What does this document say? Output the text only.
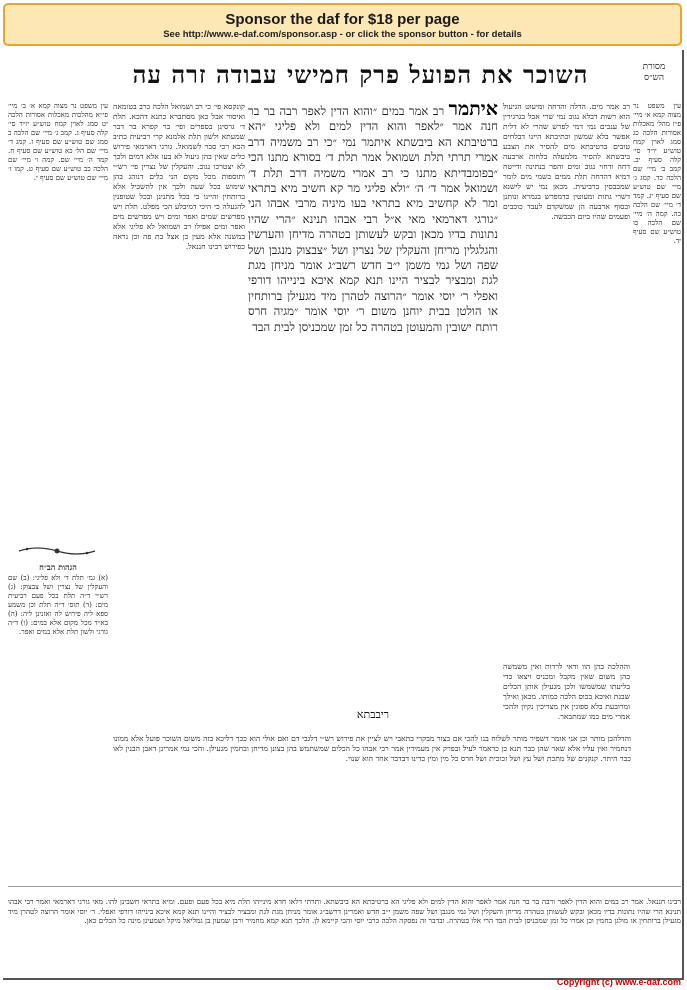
Sponsor the daf for $18 per page
See http://www.e-daf.com/sponsor.asp - or click the sponsor button - for details
השוכר את הפועל פרק חמישי עבודה זרה עה	מסורת הש״ס

עין משפט נר מצוה קמא א׳ מיי׳ פ״ז מהל׳ מאכלות אסורות הלכה כג סמג לאוין קמח טוש״ע יו״ד סי׳ קלה סעיף יב. קמב ב׳ מיי׳ שם הלכה כד. קמג ג׳ מיי׳ שם טוש״ע שם סעיף יג. קמד ד׳ מיי׳ שם הלכה כה. קמה ה׳ מיי׳ שם הלכה כו טוש״ע שם סעיף יד.

רב אמר מים. הדלה והדחה ומיעוט הגיעול הוא רשות דבלא נגוב נמי שרי אבל בגרגירין של ענבים נמי דמי לפרש שהרי לא דלית אפשר בלא שמשון וכתיבתא היינו דבלחים טובים ברטיבתא מים להסיר את הצבע ביבשתא להסיר מלמעלה בלחות ארבעה דחה ודחוי נגוב ומים והפר בנתינה ודייטה דמיא דהדחה תלת ממים בשמי מים לומר שמכבסין ברביעית. מכאן נמי יש לישנא דשרי גתות ומעוטין כדמפרש בגמרא ונותנן ובסוף ארבעה הן שמשקדם לעבד כוכבים ופעמים שהיו ביום הכבשה.

וההלכה בהן הוו ודאי לרדות ואין משמשה בהן משום שאין מקבל ומכניס ויצאו כדי בליעתו שמשמשו ולכן מגעילן אותן הכלים שבגת ואיכא בכוס הלכה כמותו. מכאן ואילך ומרובעת בלא ספוגין אין מצריכין נקיון ולהכי אמרי מים כמו שמתבאר.

איתמר רב אמר במים ״והוא הדין לאפר רבה בר בר חנה אמר ״לאפר והוא הדין למים ולא פליגי ״הא ברטיבתא הא ביבשתא איתמר נמי ״כי רב משמיה דרב אמרי תרתי תלת ושמואל אמר תלת ד׳ בסורא מתנו הכי ״בפומבדיתא מתנו כי רב אמרי משמיה דרב תלת ד׳ ושמואל אמר ד׳ ה׳ ״ולא פליגי מר קא חשיב מיא בתראי ומר לא קחשיב מיא בתראי בעו מיניה מרבי אבהו הני ״גורגי דארמאי מאי א״ל רבי אבהו תנינא ״הרי שהיו נתונות בדיו מכאן ובקש לעשותן בטהרה מדיחן והערשין והגלגלין מריחן והעקלין של נצרין ושל ״צבצוק מנגבן ושל שפה ושל גמי משמן י״ב חדש רשב״ג אומר מניחן מגת לגת ומבציר לבציר היינו תנא קמא איכא בינייהו דורפי ואפלי ר׳ יוסי אומר ״הרוצה לטהרן מיד מגעילן ברותחין או הולטן בבית יוחנן משום ר׳ יוסי אומר ״מגיה חרס רותח ישובין והמעוטן בטהרה כל זמן שמכניסן לבית הבד

ריבבתא

קונקסא פי׳ כי רב ושמואל הלכה כרב בטומאה ואיסור אבל כאן מסתברא כתנא דהכא. תלת ד׳ גרסינן בספרים ופי׳ בר קפרא בר דבר שמעתא ולשון תלת אלמנא קרי רביעית כתיב הכא רכי סבר לשמואל. גורגי דארמאי פירוש כלים שאין בהן גיעול לא בעו אלא דמים ולכך לא יצטרכו נגוב. והעקלין של נצרין פי׳ רש״י ותוספות מכל מקום הני כלים דנוהג בהן שימוש בכל שעה ולכך אין להשכיל אלא ברותחין והיינו כי בכל מתנינן ובכל שטופנין להגעלה כי היכי דמיבלע הכי מפלט. תלת ויש מפרשים שמים ואפר ומים ויש מפרשים מים ואפר ומים אפילו רב ושמואל לא פליגי אלא במשנה אלא מעין כן אצל בת פה וכן נראה כפירוש רבינו חננאל.

עין משפט נר מצוה קמא א׳ ב׳ מיי׳ פי״א מהלכות מאכלות אסורות הלכה יט סמג לאוין קמח טוש״ע יו״ד סי׳ קלה סעיף ג. קמב ג׳ מיי׳ שם הלכה כ סמג שם טוש״ע שם סעיף ז. קמג ד׳ מיי׳ שם הל׳ כא טוש״ע שם סעיף ח. קמד ה׳ מיי׳ שם. קמה ו׳ מיי׳ שם הלכה כב טוש״ע שם סעיף ט. קמו ז׳ מיי׳ שם טוש״ע שם סעיף י.

הגהות הב״ח

(א) גמ׳ תלת ד׳ ולא פליגי: (ב) שם והעקלין של נצרין ושל צבצוק: (ג) רש״י ד״ה תלת בכל פעם רביעית מים: (ד) תוס׳ ד״ה תלת וכן משמע ספא ליה פירוש לה ואזנינן ליה: (ה) בא״ד מכל מקום אלא במים: (ו) ד״ה גורגי ולשון תלת אלא במים ואפר.

והדלהכן מותר וכן אני אומר דשפיר מותר לשלוח בנו להכי אם בצור מבקרי בתאבי ויש לציין את פירוש רש״י דלגבי דם ואם אולי הוא ככך דליכא בזה משום השוכר פועל אלא ממונו דנחמיר ואין עליו אלא שאר שהן כבר תנא כן כדאמר לעיל ובפרק אין מעמידין אמר רבי אבהו כל הכלים שמשתמש בהן בצונן מדיחן ובחמין מגעילן. והכי נמי אמרינן דאבן הבנין לאו כבר היתר. קנקנים של מתכת ושל עץ ושל זכוכית ושל חרס כל מין ומין כדינו דבדבר אחר הוא שנוי.

רבינו חננאל. אמר רב במים והוא הדין לאפר ורבה בר בר חנה אמר לאפר והוא הדין למים ולא פליגי הא ברטיבתא הא ביבשתא. ותרתי דלאו חדא מינייהו תלת מיא בכל פעם ופעם. ומיא בתראי חשבינן להו. מאי גורגי דארמאי ואמר רבי אבהו תנינא הרי שהיו נתונות בדיו מכאן ובקש לעשותן בטהרה מדיחן והעקלין ושל גמי מנגבן ושל שפה משמן י״ב חדש ואמרינן דרשב״ג אומר מניחן מגת לגת ומבציר לבציר והיינו תנא קמא איכא בינייהו דורפי ואפלי. ר׳ יוסי אומר הרוצה לטהרן מיד מגעילן ברותחין או מולגן בחמין וכן אמרו כל זמן שמכניסן לבית הבד הרי אלו בטהרה. ובדבר זה נפסקה הלכה כרבי יוסי והכי קיימא לן. הלכך תנא קמא מחמיר ורבן שמעון בן גמליאל מיקל ושמעינן מינה כל הכלים כאן.

Copyright (c) www.e-daf.com
